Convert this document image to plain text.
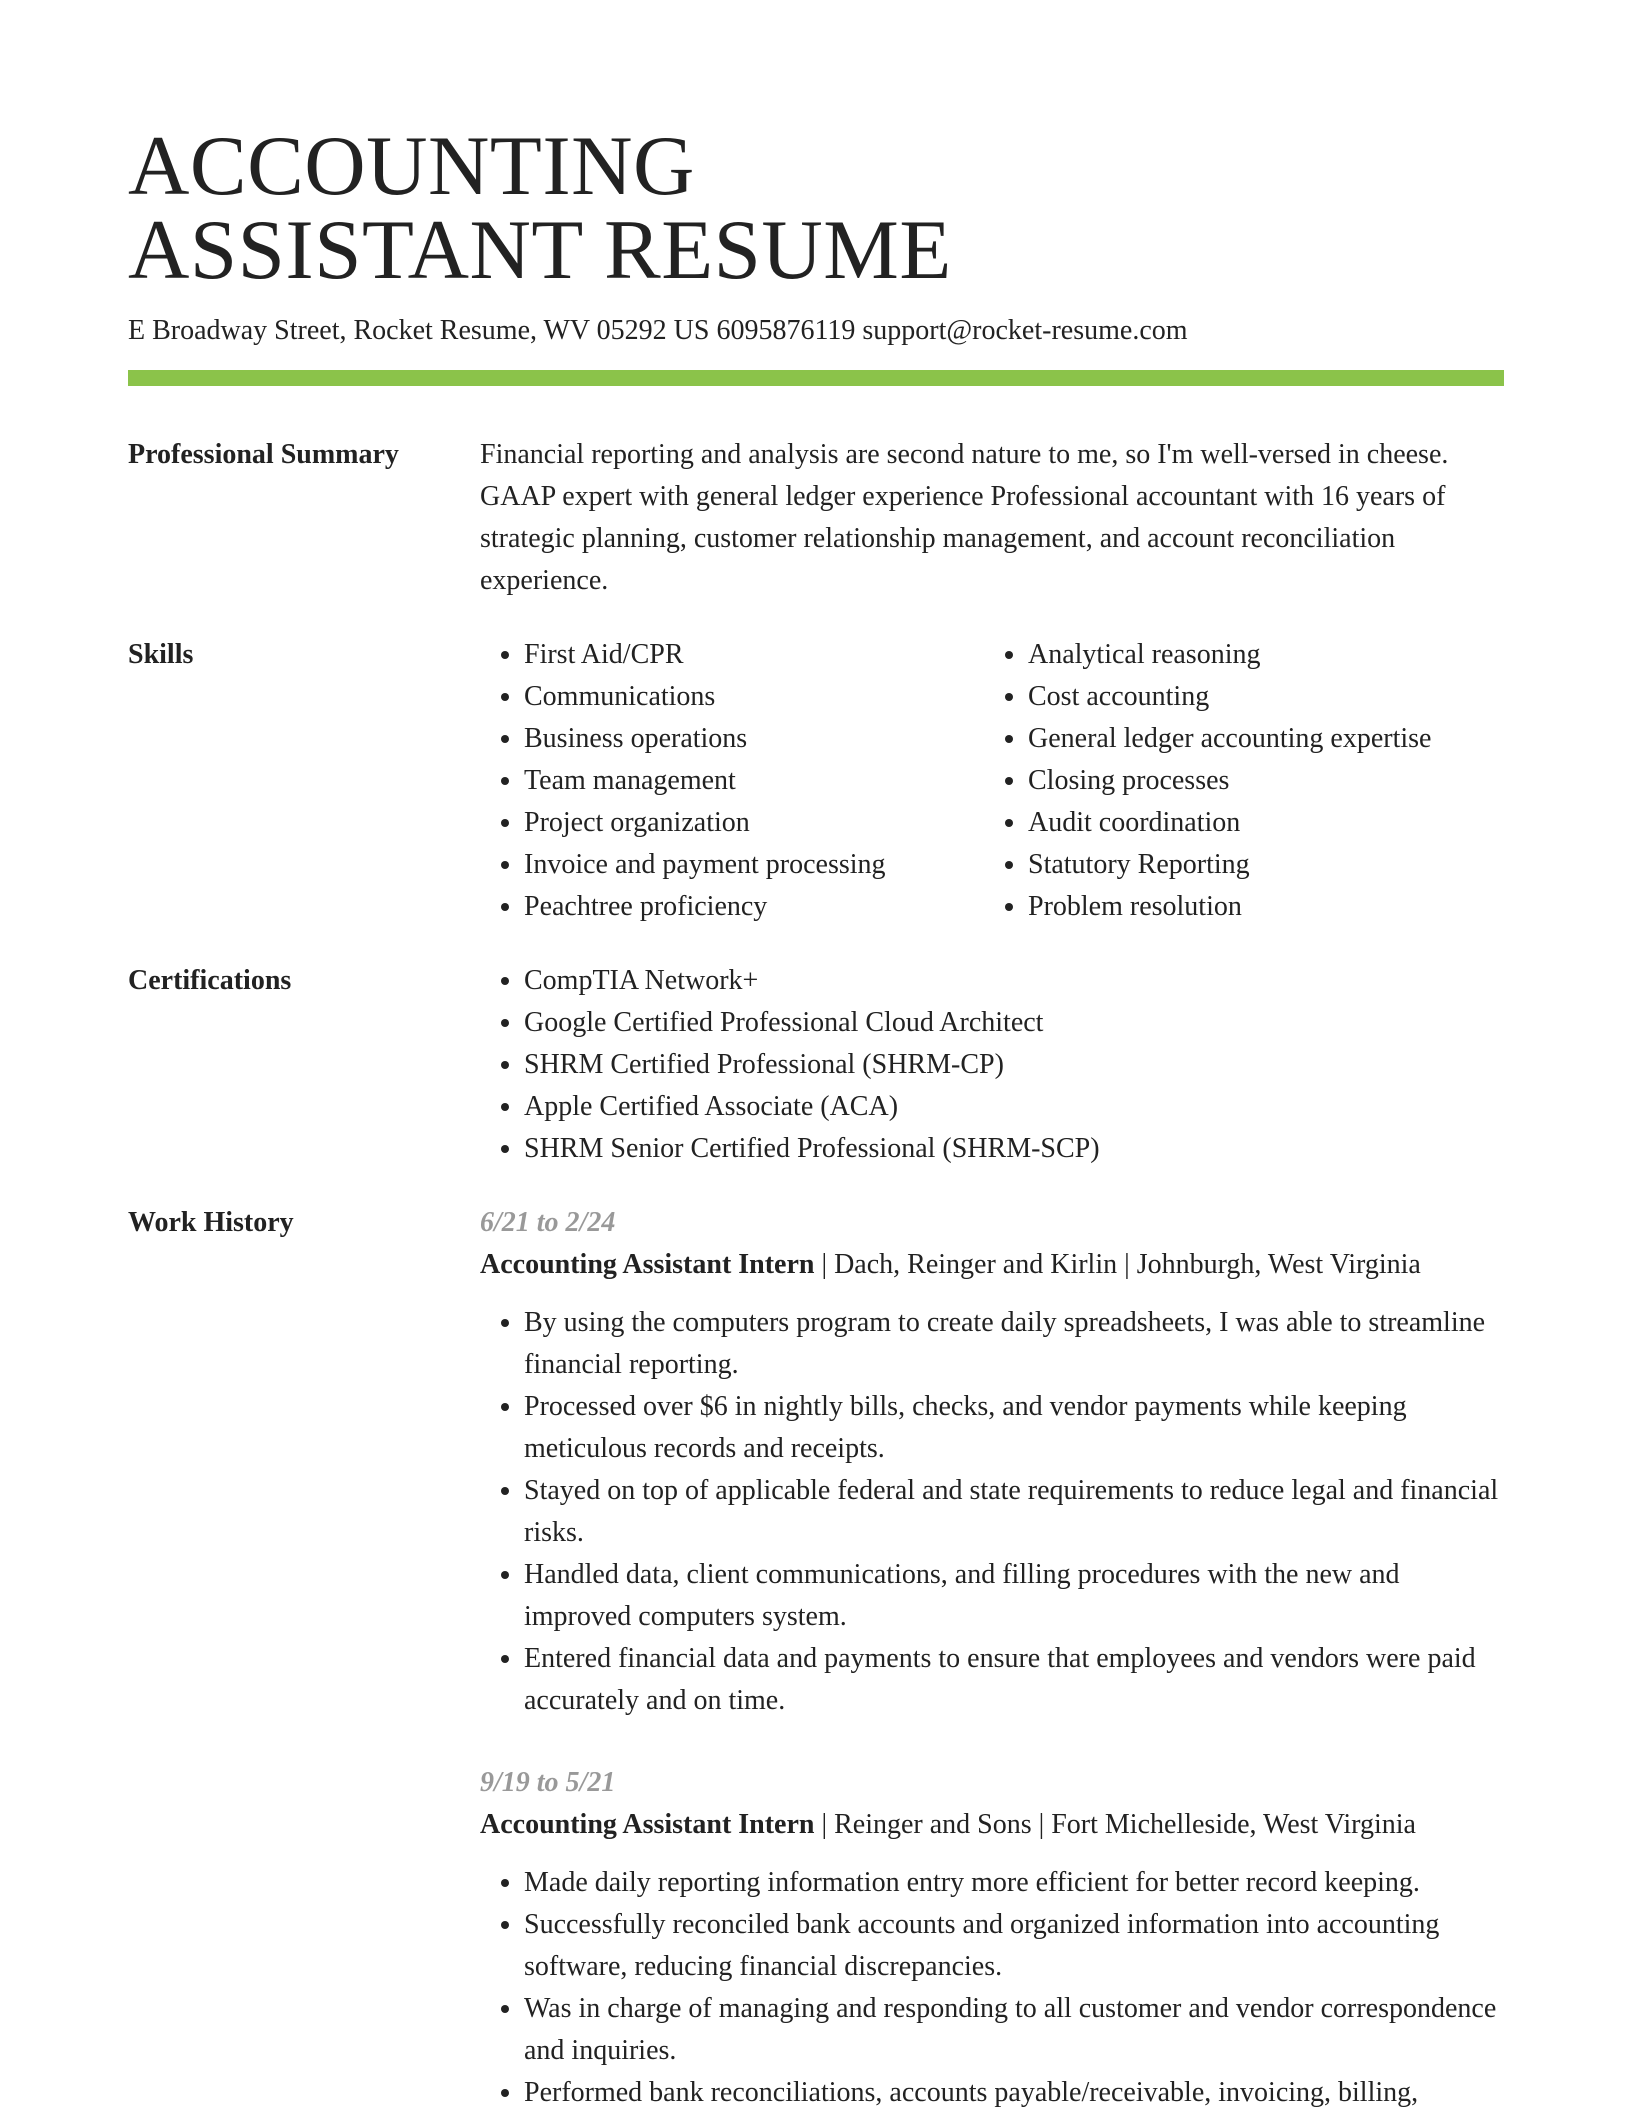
ACCOUNTING
ASSISTANT RESUME
E Broadway Street, Rocket Resume, WV 05292 US 6095876119 support@rocket-resume.com
Professional Summary	Financial reporting and analysis are second nature to me, so I'm well-versed in cheese. GAAP expert with general ledger experience Professional accountant with 16 years of strategic planning, customer relationship management, and account reconciliation experience.

Skills	• First Aid/CPR
• Communications
• Business operations
• Team management
• Project organization
• Invoice and payment processing
• Peachtree proficiency
• Analytical reasoning
• Cost accounting
• General ledger accounting expertise
• Closing processes
• Audit coordination
• Statutory Reporting
• Problem resolution
Certifications	• CompTIA Network+
• Google Certified Professional Cloud Architect
• SHRM Certified Professional (SHRM-CP)
• Apple Certified Associate (ACA)
• SHRM Senior Certified Professional (SHRM-SCP)
Work History	6/21 to 2/24
Accounting Assistant Intern | Dach, Reinger and Kirlin | Johnburgh, West Virginia
• By using the computers program to create daily spreadsheets, I was able to streamline financial reporting.
• Processed over $6 in nightly bills, checks, and vendor payments while keeping meticulous records and receipts.
• Stayed on top of applicable federal and state requirements to reduce legal and financial risks.
• Handled data, client communications, and filling procedures with the new and improved computers system.
• Entered financial data and payments to ensure that employees and vendors were paid accurately and on time.
9/19 to 5/21
Accounting Assistant Intern | Reinger and Sons | Fort Michelleside, West Virginia
• Made daily reporting information entry more efficient for better record keeping.
• Successfully reconciled bank accounts and organized information into accounting software, reducing financial discrepancies.
• Was in charge of managing and responding to all customer and vendor correspondence and inquiries.
• Performed bank reconciliations, accounts payable/receivable, invoicing, billing,
